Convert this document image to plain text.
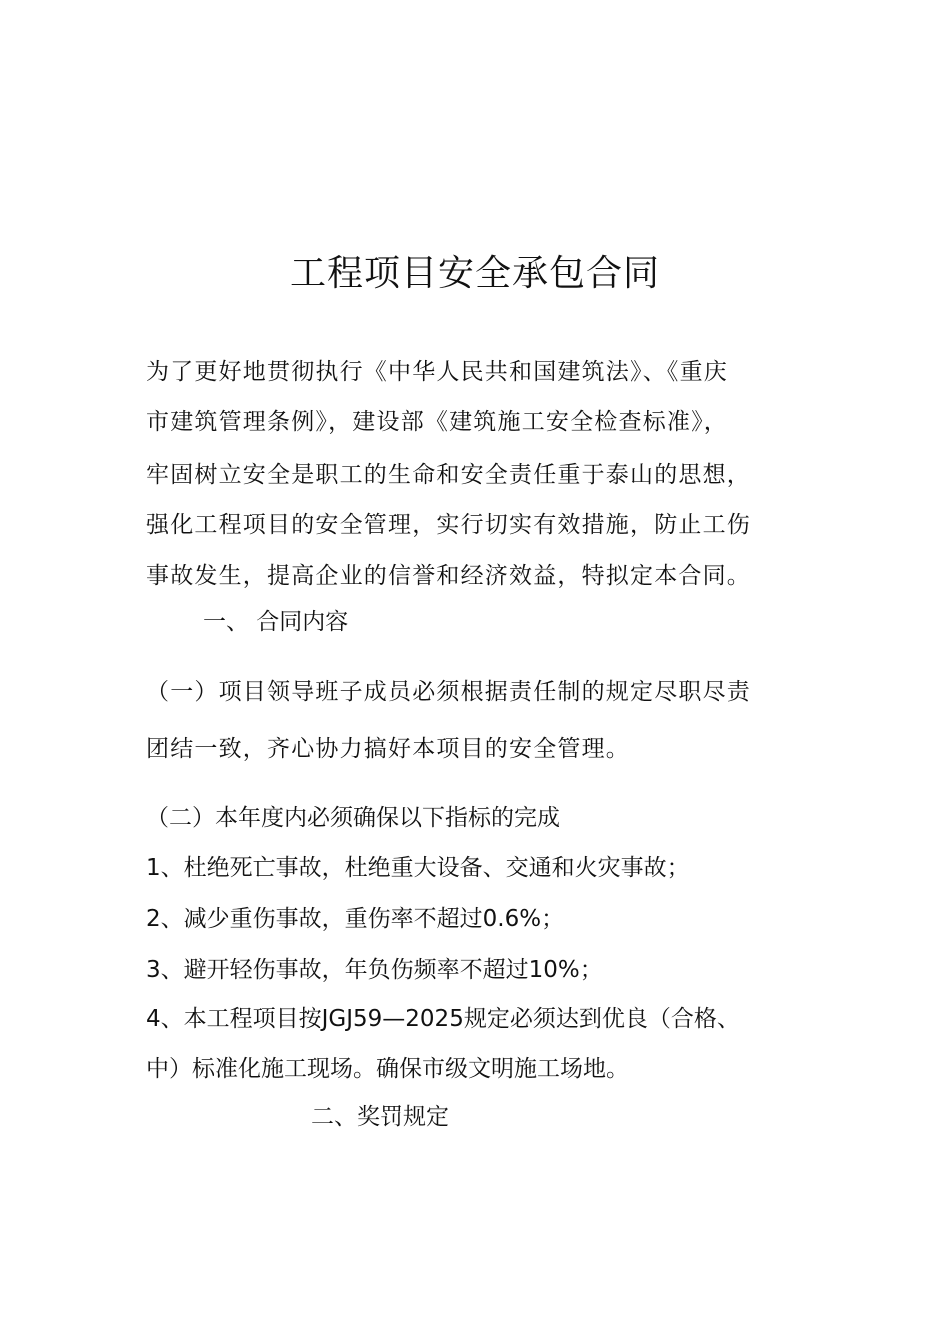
工程项目安全承包合同

为了更好地贯彻执行《中华人民共和国建筑法》、《重庆

市建筑管理条例》，建设部《建筑施工安全检查标准》，

牢固树立安全是职工的生命和安全责任重于泰山的思想，

强化工程项目的安全管理，实行切实有效措施，防止工伤

事故发生，提高企业的信誉和经济效益，特拟定本合同。

一、 合同内容

（一）项目领导班子成员必须根据责任制的规定尽职尽责

团结一致，齐心协力搞好本项目的安全管理。

（二）本年度内必须确保以下指标的完成

1、杜绝死亡事故，杜绝重大设备、交通和火灾事故；

2、减少重伤事故，重伤率不超过0.6%；

3、避开轻伤事故，年负伤频率不超过10%；

4、本工程项目按JGJ59—2025规定必须达到优良（合格、

中）标准化施工现场。确保市级文明施工场地。

二、奖罚规定
